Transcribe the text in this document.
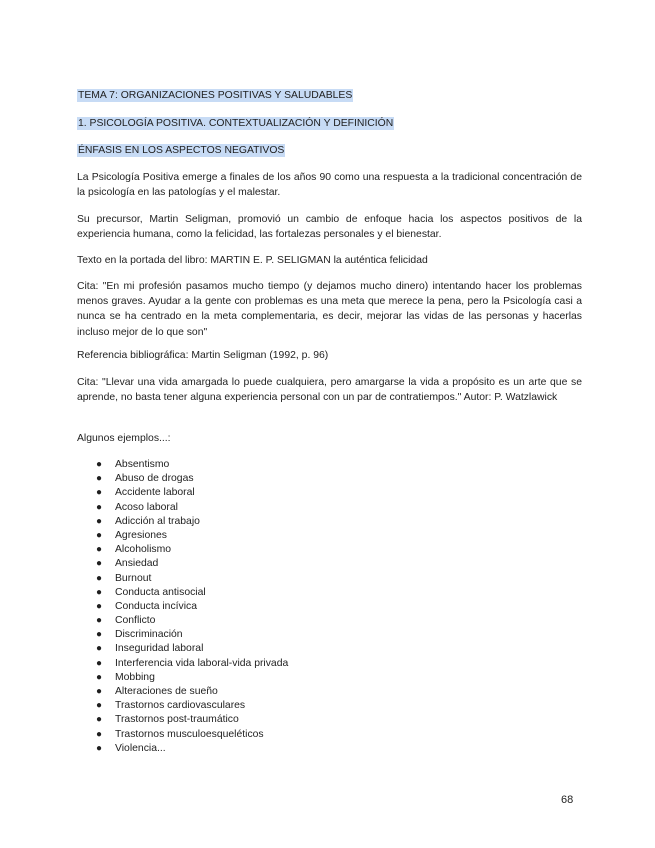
TEMA 7: ORGANIZACIONES POSITIVAS Y SALUDABLES
1. PSICOLOGÍA POSITIVA. CONTEXTUALIZACIÓN Y DEFINICIÓN
ÉNFASIS EN LOS ASPECTOS NEGATIVOS

La Psicología Positiva emerge a finales de los años 90 como una respuesta a la tradicional concentración de la psicología en las patologías y el malestar.

Su precursor, Martin Seligman, promovió un cambio de enfoque hacia los aspectos positivos de la experiencia humana, como la felicidad, las fortalezas personales y el bienestar.

Texto en la portada del libro: MARTIN E. P. SELIGMAN la auténtica felicidad

Cita: "En mi profesión pasamos mucho tiempo (y dejamos mucho dinero) intentando hacer los problemas menos graves. Ayudar a la gente con problemas es una meta que merece la pena, pero la Psicología casi a nunca se ha centrado en la meta complementaria, es decir, mejorar las vidas de las personas y hacerlas incluso mejor de lo que son"

Referencia bibliográfica: Martin Seligman (1992, p. 96)

Cita: "Llevar una vida amargada lo puede cualquiera, pero amargarse la vida a propósito es un arte que se aprende, no basta tener alguna experiencia personal con un par de contratiempos." Autor: P. Watzlawick

Algunos ejemplos...:

● Absentismo
● Abuso de drogas
● Accidente laboral
● Acoso laboral
● Adicción al trabajo
● Agresiones
● Alcoholismo
● Ansiedad
● Burnout
● Conducta antisocial
● Conducta incívica
● Conflicto
● Discriminación
● Inseguridad laboral
● Interferencia vida laboral-vida privada
● Mobbing
● Alteraciones de sueño
● Trastornos cardiovasculares
● Trastornos post-traumático
● Trastornos musculoesqueléticos
● Violencia...
68
